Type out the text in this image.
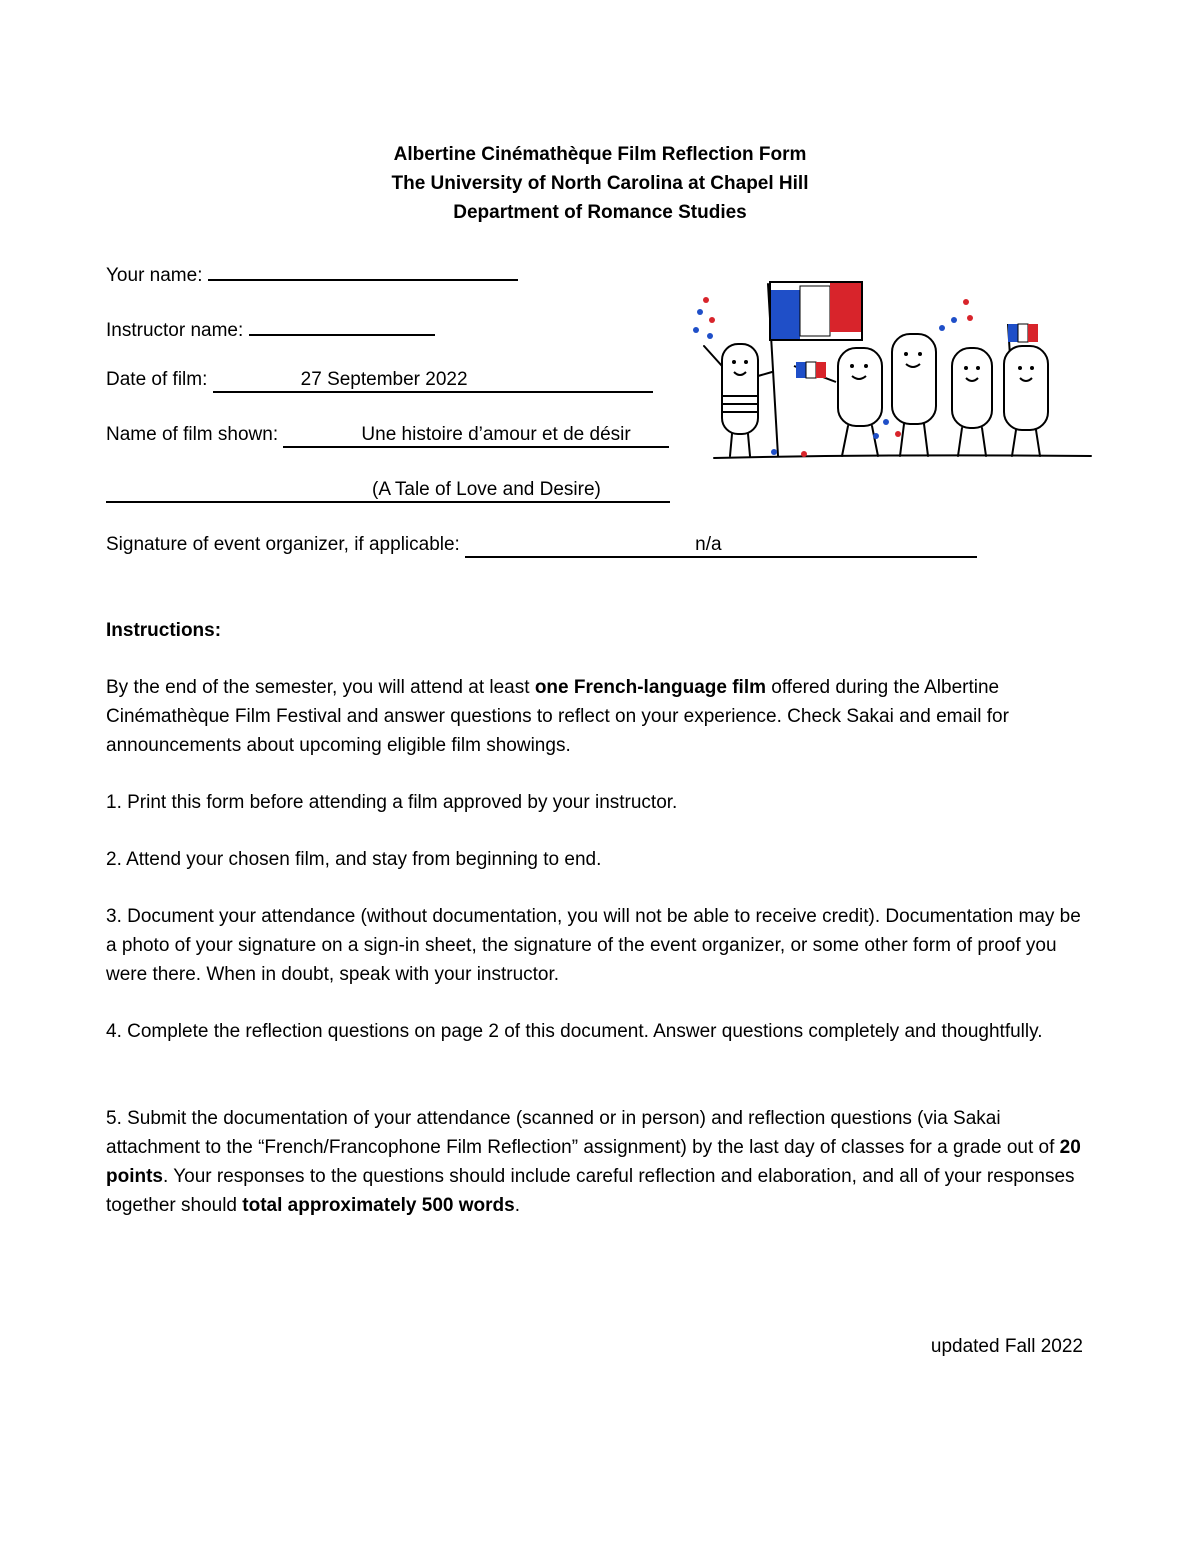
Albertine Cinémathèque Film Reflection Form
The University of North Carolina at Chapel Hill
Department of Romance Studies
Your name:
Instructor name:
Date of film:	27 September 2022
Name of film shown:	Une histoire d’amour et de désir
(A Tale of Love and Desire)
Signature of event organizer, if applicable:	n/a
Instructions:
By the end of the semester, you will attend at least one French-language film offered during the Albertine Cinémathèque Film Festival and answer questions to reflect on your experience. Check Sakai and email for announcements about upcoming eligible film showings.
1. Print this form before attending a film approved by your instructor.
2. Attend your chosen film, and stay from beginning to end.
3. Document your attendance (without documentation, you will not be able to receive credit). Documentation may be a photo of your signature on a sign-in sheet, the signature of the event organizer, or some other form of proof you were there. When in doubt, speak with your instructor.
4. Complete the reflection questions on page 2 of this document. Answer questions completely and thoughtfully.
5. Submit the documentation of your attendance (scanned or in person) and reflection questions (via Sakai attachment to the “French/Francophone Film Reflection” assignment) by the last day of classes for a grade out of 20 points. Your responses to the questions should include careful reflection and elaboration, and all of your responses together should total approximately 500 words.
updated Fall 2022
